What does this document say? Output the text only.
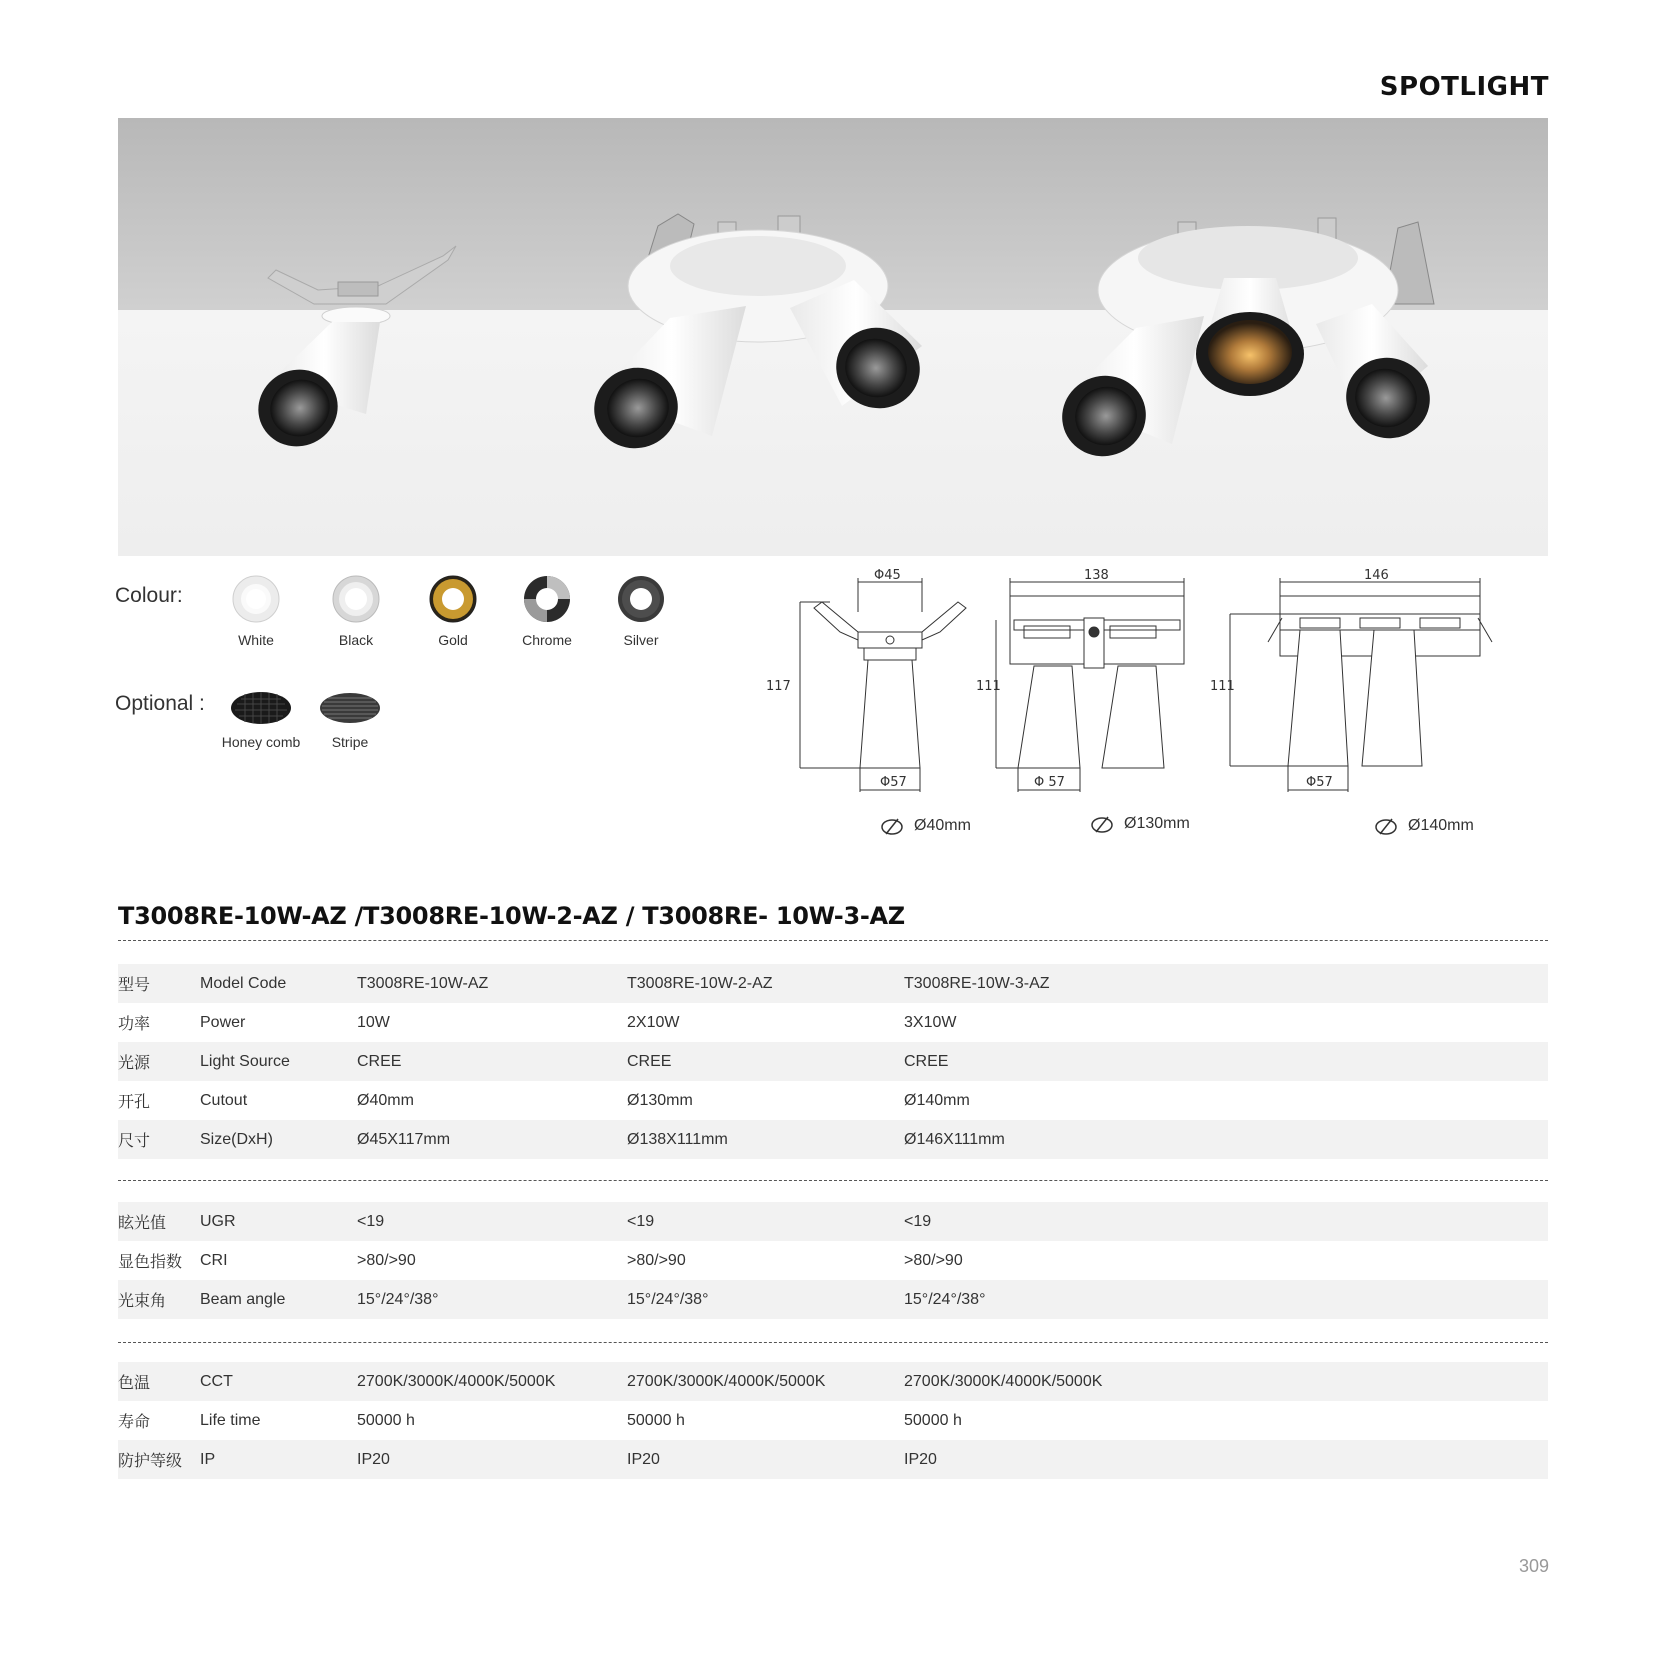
SPOTLIGHT
Colour:
White	Black	Gold	Chrome	Silver
Optional :
Honey comb	Stripe
Φ45
117
Φ57
138
111
Φ 57
146
111
Φ57
Ø40mm	Ø130mm	Ø140mm
T3008RE-10W-AZ /T3008RE-10W-2-AZ / T3008RE- 10W-3-AZ
型号	Model Code	T3008RE-10W-AZ	T3008RE-10W-2-AZ	T3008RE-10W-3-AZ
功率	Power	10W	2X10W	3X10W
光源	Light Source	CREE	CREE	CREE
开孔	Cutout	Ø40mm	Ø130mm	Ø140mm
尺寸	Size(DxH)	Ø45X117mm	Ø138X111mm	Ø146X111mm
眩光值	UGR	<19	<19	<19
显色指数	CRI	>80/>90	>80/>90	>80/>90
光束角	Beam angle	15°/24°/38°	15°/24°/38°	15°/24°/38°
色温	CCT	2700K/3000K/4000K/5000K	2700K/3000K/4000K/5000K	2700K/3000K/4000K/5000K
寿命	Life time	50000 h	50000 h	50000 h
防护等级	IP	IP20	IP20	IP20
309
